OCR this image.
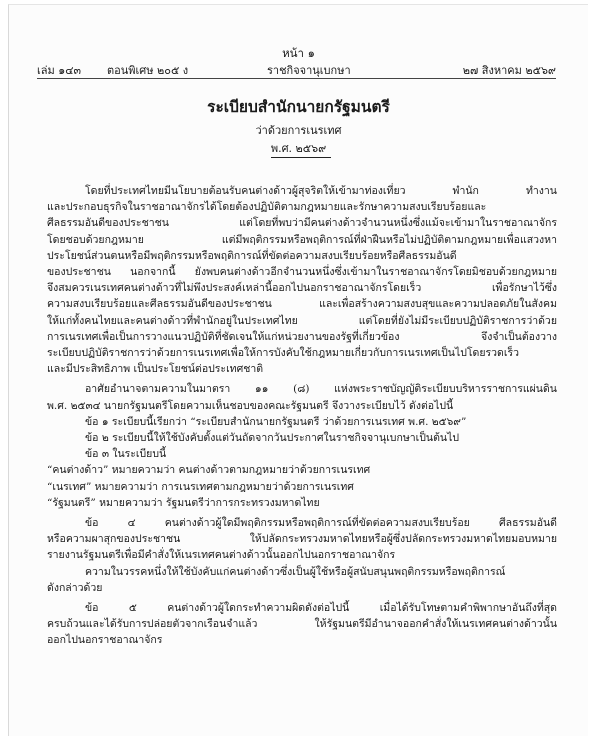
หน้า ๑
เล่ม ๑๔๓ ตอนพิเศษ ๒๐๕ ง	ราชกิจจานุเบกษา	๒๗ สิงหาคม ๒๕๖๙
ระเบียบสำนักนายกรัฐมนตรี
ว่าด้วยการเนรเทศ
พ.ศ. ๒๕๖๙

โดยที่ประเทศไทยมีนโยบายต้อนรับคนต่างด้าวผู้สุจริตให้เข้ามาท่องเที่ยว พำนัก ทำงาน
และประกอบธุรกิจในราชอาณาจักรได้โดยต้องปฏิบัติตามกฎหมายและรักษาความสงบเรียบร้อยและ
ศีลธรรมอันดีของประชาชน แต่โดยที่พบว่ามีคนต่างด้าวจำนวนหนึ่งซึ่งแม้จะเข้ามาในราชอาณาจักร
โดยชอบด้วยกฎหมาย แต่มีพฤติกรรมหรือพฤติการณ์ที่ฝ่าฝืนหรือไม่ปฏิบัติตามกฎหมายเพื่อแสวงหา
ประโยชน์ส่วนตนหรือมีพฤติกรรมหรือพฤติการณ์ที่ขัดต่อความสงบเรียบร้อยหรือศีลธรรมอันดี
ของประชาชน นอกจากนี้ ยังพบคนต่างด้าวอีกจำนวนหนึ่งซึ่งเข้ามาในราชอาณาจักรโดยมิชอบด้วยกฎหมาย
จึงสมควรเนรเทศคนต่างด้าวที่ไม่พึงประสงค์เหล่านี้ออกไปนอกราชอาณาจักรโดยเร็ว เพื่อรักษาไว้ซึ่ง
ความสงบเรียบร้อยและศีลธรรมอันดีของประชาชน และเพื่อสร้างความสงบสุขและความปลอดภัยในสังคม
ให้แก่ทั้งคนไทยและคนต่างด้าวที่พำนักอยู่ในประเทศไทย แต่โดยที่ยังไม่มีระเบียบปฏิบัติราชการว่าด้วย
การเนรเทศเพื่อเป็นการวางแนวปฏิบัติที่ชัดเจนให้แก่หน่วยงานของรัฐที่เกี่ยวข้อง จึงจำเป็นต้องวาง
ระเบียบปฏิบัติราชการว่าด้วยการเนรเทศเพื่อให้การบังคับใช้กฎหมายเกี่ยวกับการเนรเทศเป็นไปโดยรวดเร็ว
และมีประสิทธิภาพ เป็นประโยชน์ต่อประเทศชาติ

อาศัยอำนาจตามความในมาตรา ๑๑ (๘) แห่งพระราชบัญญัติระเบียบบริหารราชการแผ่นดิน
พ.ศ. ๒๕๓๔ นายกรัฐมนตรีโดยความเห็นชอบของคณะรัฐมนตรี จึงวางระเบียบไว้ ดังต่อไปนี้

ข้อ ๑ ระเบียบนี้เรียกว่า “ระเบียบสำนักนายกรัฐมนตรี ว่าด้วยการเนรเทศ พ.ศ. ๒๕๖๙”

ข้อ ๒ ระเบียบนี้ให้ใช้บังคับตั้งแต่วันถัดจากวันประกาศในราชกิจจานุเบกษาเป็นต้นไป

ข้อ ๓ ในระเบียบนี้

“คนต่างด้าว” หมายความว่า คนต่างด้าวตามกฎหมายว่าด้วยการเนรเทศ

“เนรเทศ” หมายความว่า การเนรเทศตามกฎหมายว่าด้วยการเนรเทศ

“รัฐมนตรี” หมายความว่า รัฐมนตรีว่าการกระทรวงมหาดไทย

ข้อ ๔ คนต่างด้าวผู้ใดมีพฤติกรรมหรือพฤติการณ์ที่ขัดต่อความสงบเรียบร้อย ศีลธรรมอันดี
หรือความผาสุกของประชาชน ให้ปลัดกระทรวงมหาดไทยหรือผู้ซึ่งปลัดกระทรวงมหาดไทยมอบหมาย
รายงานรัฐมนตรีเพื่อมีคำสั่งให้เนรเทศคนต่างด้าวนั้นออกไปนอกราชอาณาจักร

ความในวรรคหนึ่งให้ใช้บังคับแก่คนต่างด้าวซึ่งเป็นผู้ใช้หรือผู้สนับสนุนพฤติกรรมหรือพฤติการณ์
ดังกล่าวด้วย

ข้อ ๕ คนต่างด้าวผู้ใดกระทำความผิดดังต่อไปนี้ เมื่อได้รับโทษตามคำพิพากษาอันถึงที่สุด
ครบถ้วนและได้รับการปล่อยตัวจากเรือนจำแล้ว ให้รัฐมนตรีมีอำนาจออกคำสั่งให้เนรเทศคนต่างด้าวนั้น
ออกไปนอกราชอาณาจักร
